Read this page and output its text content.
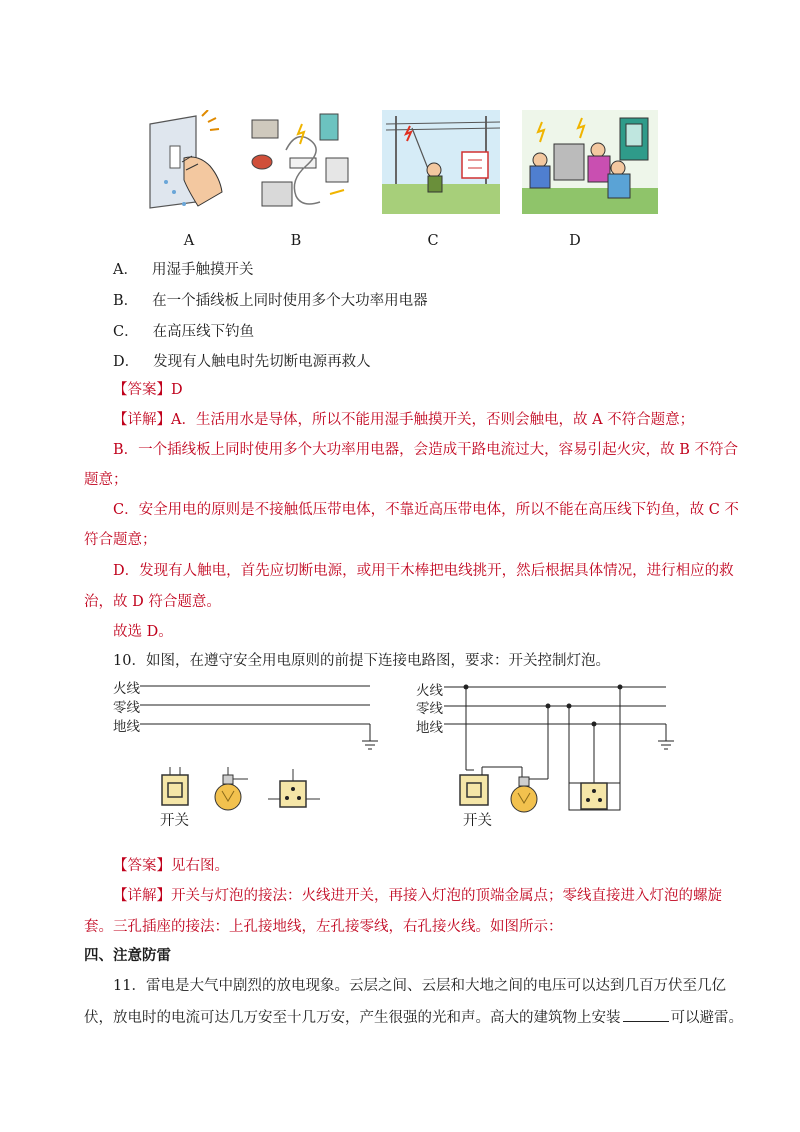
A	B	C	D
A． 用湿手触摸开关
B． 在一个插线板上同时使用多个大功率用电器
C． 在高压线下钓鱼
D． 发现有人触电时先切断电源再救人
【答案】D
【详解】A．生活用水是导体，所以不能用湿手触摸开关，否则会触电，故 A 不符合题意；
B．一个插线板上同时使用多个大功率用电器，会造成干路电流过大，容易引起火灾，故 B 不符合
题意；
C．安全用电的原则是不接触低压带电体，不靠近高压带电体，所以不能在高压线下钓鱼，故 C 不
符合题意；
D．发现有人触电，首先应切断电源，或用干木棒把电线挑开，然后根据具体情况，进行相应的救
治，故 D 符合题意。
故选 D。
10．如图，在遵守安全用电原则的前提下连接电路图，要求：开关控制灯泡。
火线
零线
地线
开关
火线
零线
地线
开关
【答案】见右图。
【详解】开关与灯泡的接法：火线进开关，再接入灯泡的顶端金属点；零线直接进入灯泡的螺旋
套。三孔插座的接法：上孔接地线，左孔接零线，右孔接火线。如图所示：
四、注意防雷
11．雷电是大气中剧烈的放电现象。云层之间、云层和大地之间的电压可以达到几百万伏至几亿
伏，放电时的电流可达几万安至十几万安，产生很强的光和声。高大的建筑物上安装	可以避雷。
